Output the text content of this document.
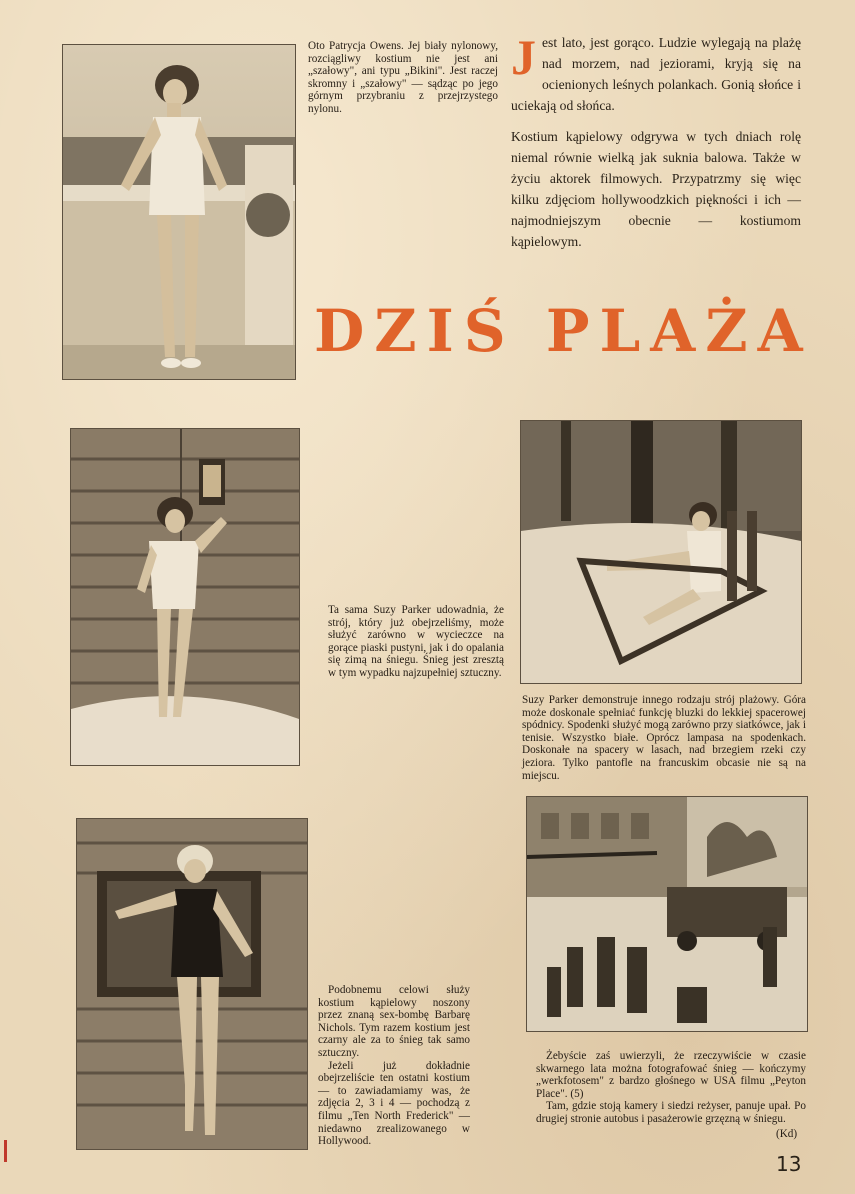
Oto Patrycja Owens. Jej biały nylonowy, rozciągliwy kostium nie jest ani „szałowy", ani typu „Bikini". Jest raczej skromny i „szałowy" — sądząc po jego górnym przybraniu z przejrzystego nylonu.

Jest lato, jest gorąco. Ludzie wylegają na plażę nad morzem, nad jeziorami, kryją się na ocienionych leśnych polankach. Gonią słońce i uciekają od słońca.

Kostium kąpielowy odgrywa w tych dniach rolę niemal równie wielką jak suknia balowa. Także w życiu aktorek filmowych. Przypatrzmy się więc kilku zdjęciom hollywoodzkich piękności i ich — najmodniejszym obecnie — kostiumom kąpielowym.

DZIŚ PLAŻA

Ta sama Suzy Parker udowadnia, że strój, który już obejrzeliśmy, może służyć zarówno w wycieczce na gorące piaski pustyni, jak i do opalania się zimą na śniegu. Śnieg jest zresztą w tym wypadku najzupełniej sztuczny.

Suzy Parker demonstruje innego rodzaju strój plażowy. Góra może doskonale spełniać funkcję bluzki do lekkiej spacerowej spódnicy. Spodenki służyć mogą zarówno przy siatkówce, jak i tenisie. Wszystko białe. Oprócz lampasa na spodenkach. Doskonałe na spacery w lasach, nad brzegiem rzeki czy jeziora. Tylko pantofle na francuskim obcasie nie są na miejscu.

Podobnemu celowi służy kostium kąpielowy noszony przez znaną sex-bombę Barbarę Nichols. Tym razem kostium jest czarny ale za to śnieg tak samo sztuczny.

Jeżeli już dokładnie obejrzeliście ten ostatni kostium — to zawiadamiamy was, że zdjęcia 2, 3 i 4 — pochodzą z filmu „Ten North Frederick" — niedawno zrealizowanego w Hollywood.

Żebyście zaś uwierzyli, że rzeczywiście w czasie skwarnego lata można fotografować śnieg — kończymy „werkfotosem" z bardzo głośnego w USA filmu „Peyton Place". (5)

Tam, gdzie stoją kamery i siedzi reżyser, panuje upał. Po drugiej stronie autobus i pasażerowie grzęzną w śniegu.

(Kd)
13
